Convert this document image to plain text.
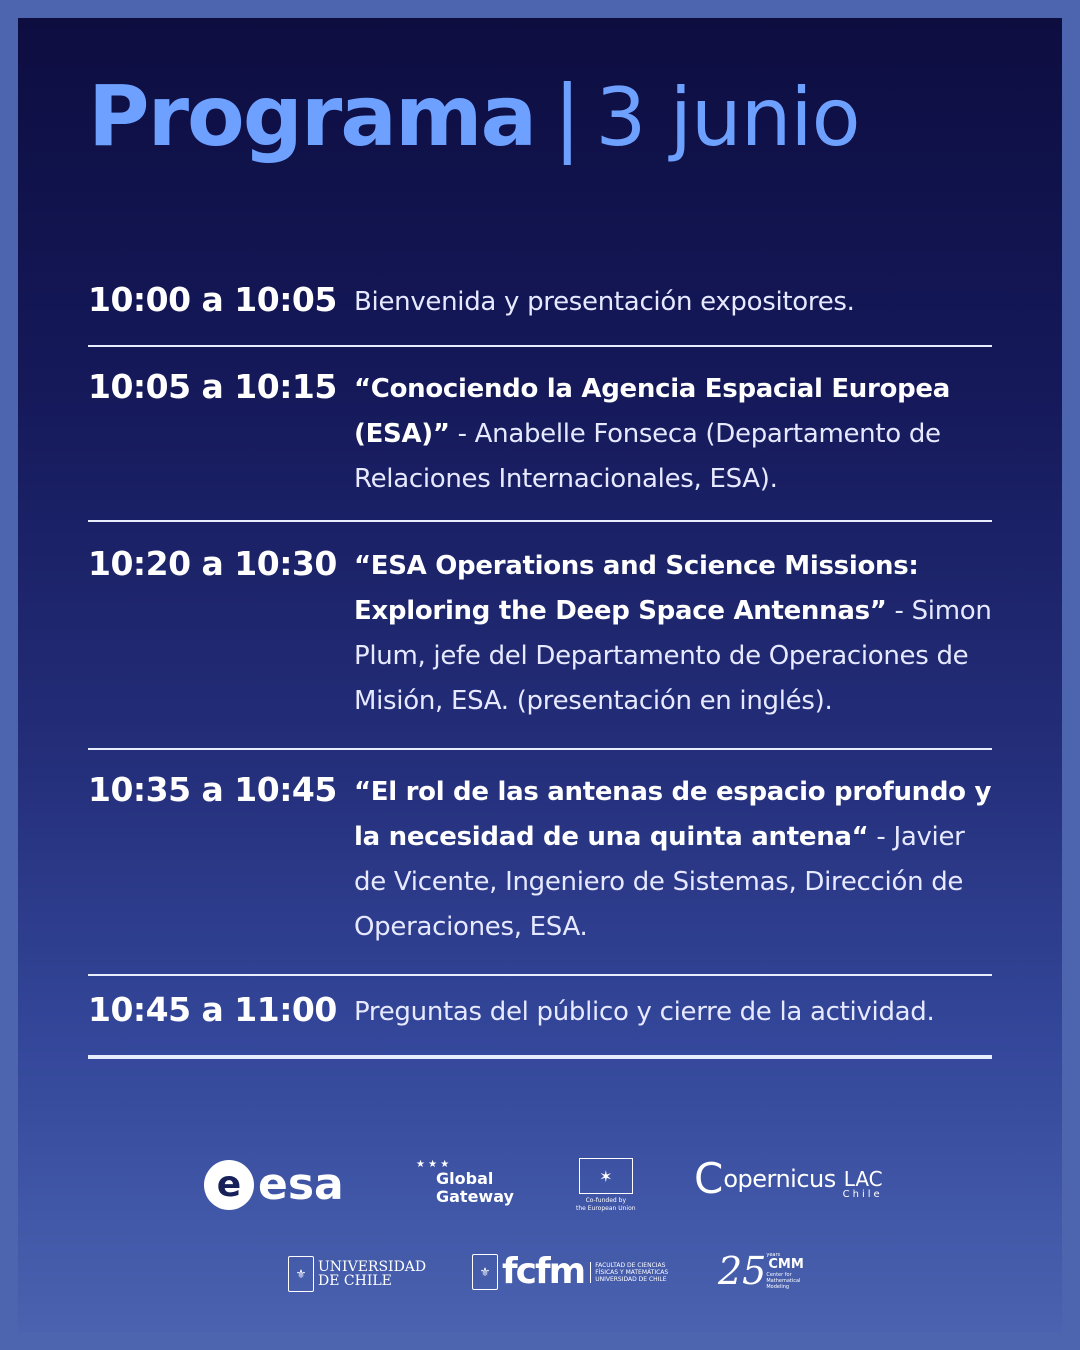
Programa | 3 junio
10:00 a 10:05 Bienvenida y presentación expositores.
10:05 a 10:15 “Conociendo la Agencia Espacial Europea (ESA)” - Anabelle Fonseca (Departamento de Relaciones Internacionales, ESA).
10:20 a 10:30 “ESA Operations and Science Missions: Exploring the Deep Space Antennas” - Simon Plum, jefe del Departamento de Operaciones de Misión, ESA. (presentación en inglés).
10:35 a 10:45 “El rol de las antenas de espacio profundo y la necesidad de una quinta antena“ - Javier de Vicente, Ingeniero de Sistemas, Dirección de Operaciones, ESA.
10:45 a 11:00 Preguntas del público y cierre de la actividad.
e esa	★ ★ ★
Global
Gateway
✶
Co-funded by
the European Union
C opernicus LAC
Chile
⚜ UNIVERSIDAD
DE CHILE
⚜ fcfm FACULTAD DE CIENCIAS
FÍSICAS Y MATEMÁTICAS
UNIVERSIDAD DE CHILE 25 years
CMM
Center for
Mathematical
Modeling
